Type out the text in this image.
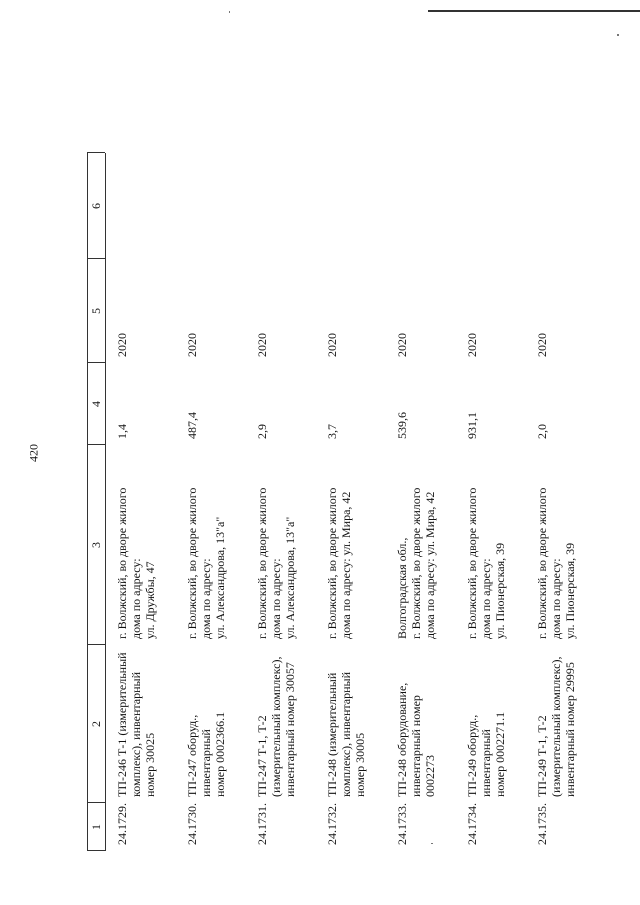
420
1
2
3
4
5
6
24.1729.
ТП-246 Т-1 (измерительный
комплекс), инвентарный
номер 30025
г. Волжский, во дворе жилого
дома по адресу:
ул. Дружбы, 47
1,4
2020
24.1730.
ТП-247 оборуд., инвентарный
номер 0002366.1
г. Волжский, во дворе жилого
дома по адресу:
ул. Александрова, 13"а"
487,4
2020
24.1731.
ТП-247 Т-1, Т-2
(измерительный комплекс),
инвентарный номер 30057
г. Волжский, во дворе жилого
дома по адресу:
ул. Александрова, 13"а"
2,9
2020
24.1732.
ТП-248 (измерительный
комплекс), инвентарный
номер 30005
г. Волжский, во дворе жилого
дома по адресу: ул. Мира, 42
3,7
2020
24.1733.
ТП-248 оборудование,
инвентарный номер 0002273
Волгоградская обл.,
г. Волжский, во дворе жилого
дома по адресу: ул. Мира, 42
539,6
2020
24.1734.
ТП-249 оборуд., инвентарный
номер 0002271.1
г. Волжский, во дворе жилого
дома по адресу:
ул. Пионерская, 39
931,1
2020
24.1735.
ТП-249 Т-1, Т-2
(измерительный комплекс),
инвентарный номер 29995
г. Волжский, во дворе жилого
дома по адресу:
ул. Пионерская, 39
2,0
2020
